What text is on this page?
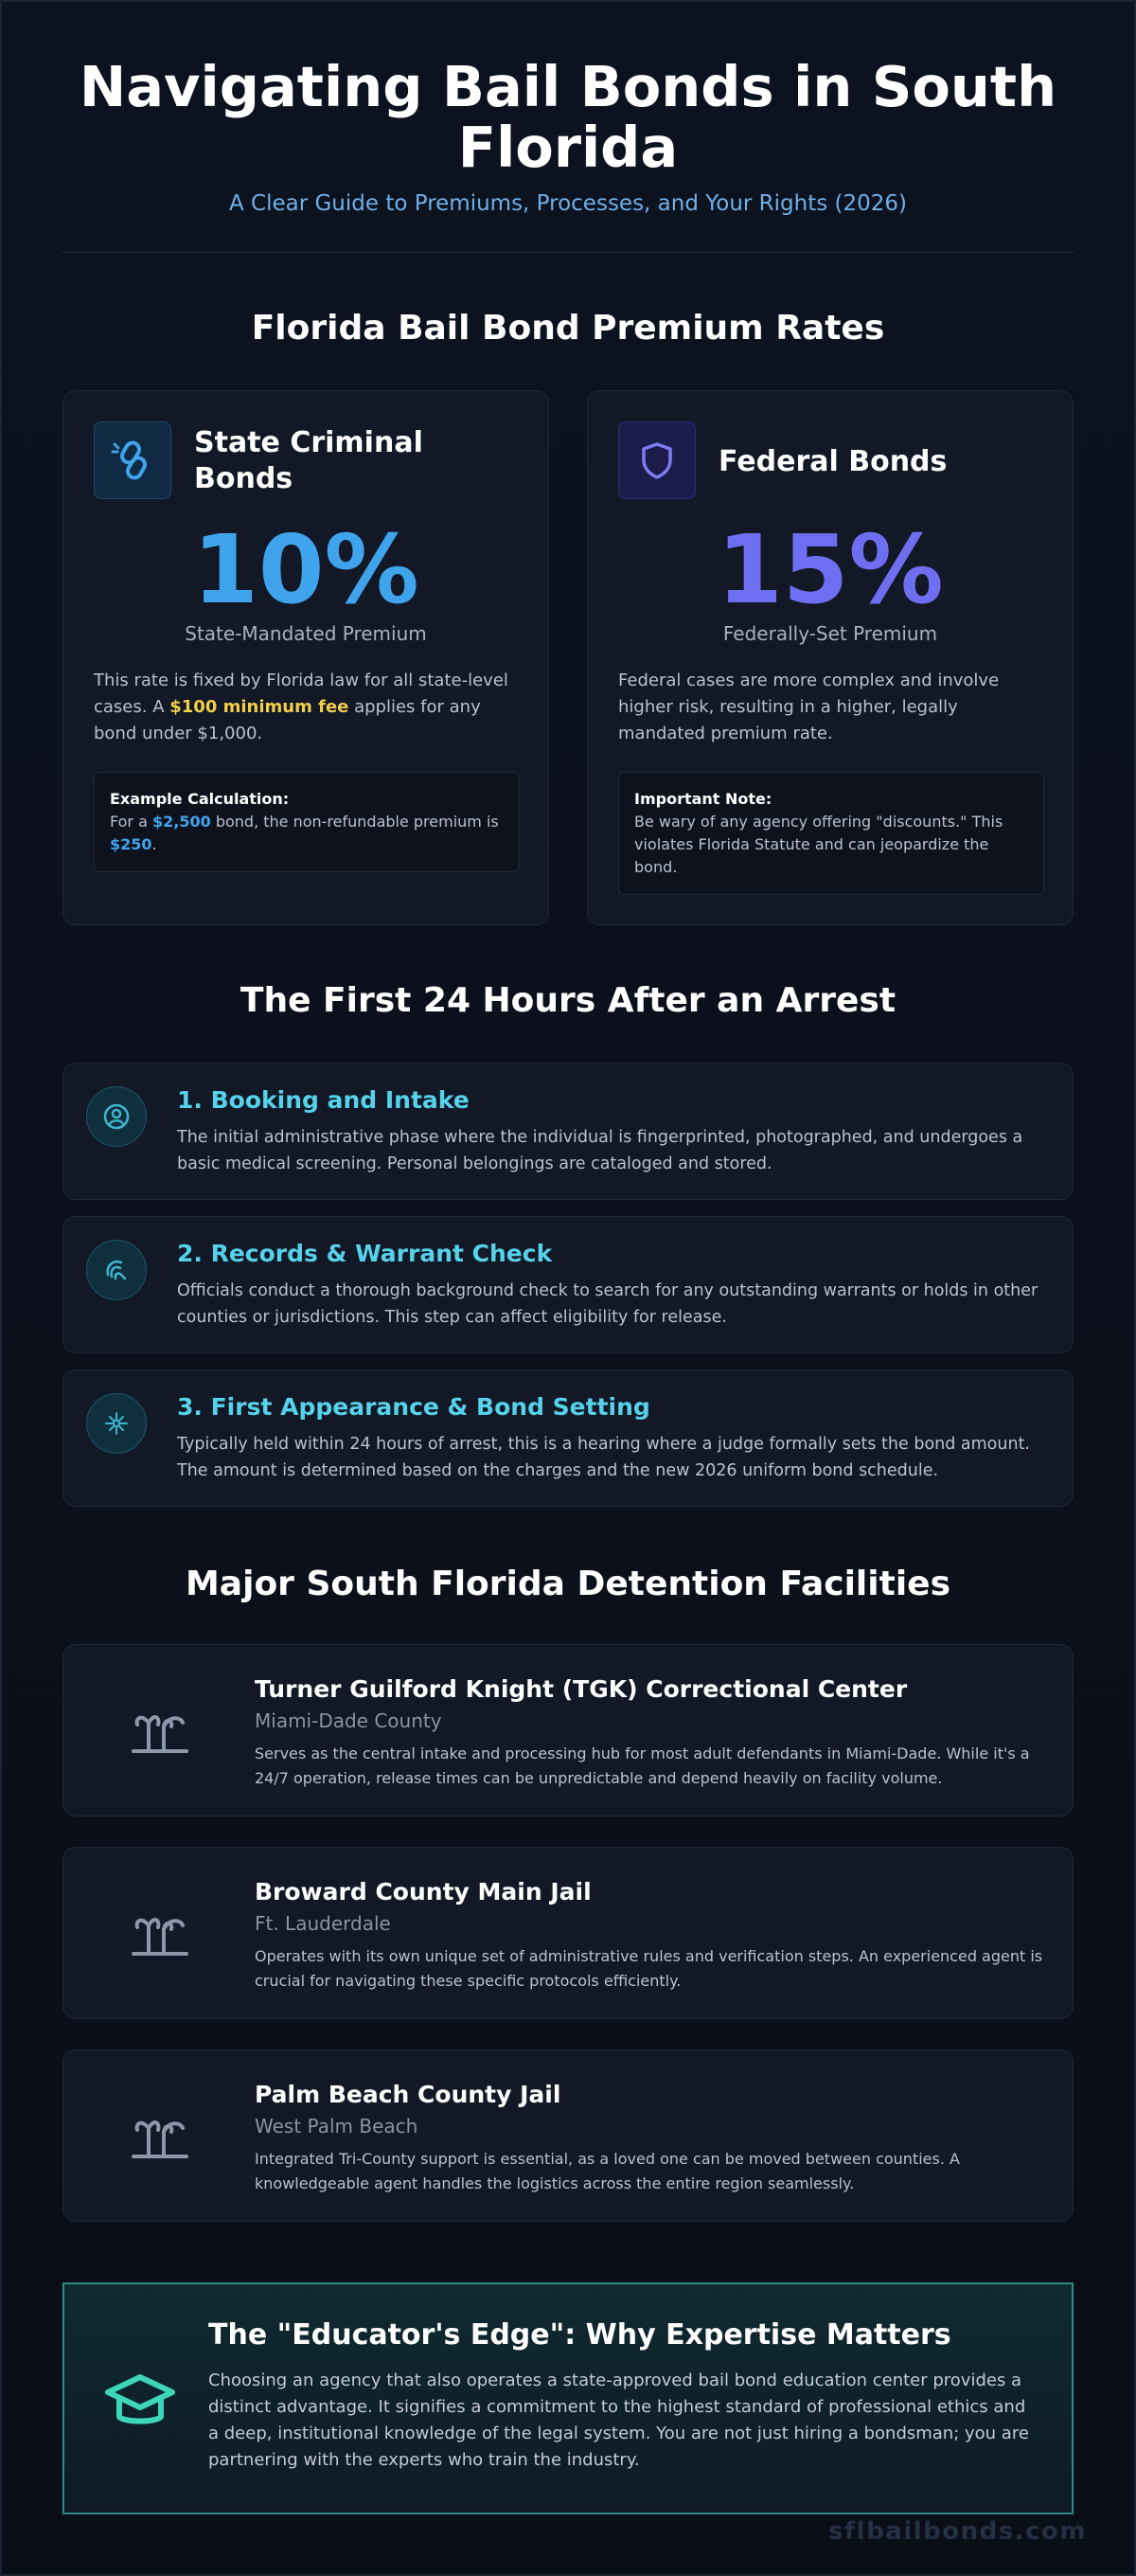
Navigating Bail Bonds in South Florida
A Clear Guide to Premiums, Processes, and Your Rights (2026)
Florida Bail Bond Premium Rates
State Criminal Bonds
10%
State-Mandated Premium
This rate is fixed by Florida law for all state-level cases. A $100 minimum fee applies for any bond under $1,000.
Example Calculation:
For a $2,500 bond, the non-refundable premium is $250.
Federal Bonds
15%
Federally-Set Premium
Federal cases are more complex and involve higher risk, resulting in a higher, legally mandated premium rate.
Important Note:
Be wary of any agency offering "discounts." This violates Florida Statute and can jeopardize the bond.
The First 24 Hours After an Arrest
1. Booking and Intake
The initial administrative phase where the individual is fingerprinted, photographed, and undergoes a basic medical screening. Personal belongings are cataloged and stored.
2. Records & Warrant Check
Officials conduct a thorough background check to search for any outstanding warrants or holds in other counties or jurisdictions. This step can affect eligibility for release.
3. First Appearance & Bond Setting
Typically held within 24 hours of arrest, this is a hearing where a judge formally sets the bond amount. The amount is determined based on the charges and the new 2026 uniform bond schedule.
Major South Florida Detention Facilities
Turner Guilford Knight (TGK) Correctional Center
Miami-Dade County
Serves as the central intake and processing hub for most adult defendants in Miami-Dade. While it's a 24/7 operation, release times can be unpredictable and depend heavily on facility volume.
Broward County Main Jail
Ft. Lauderdale
Operates with its own unique set of administrative rules and verification steps. An experienced agent is crucial for navigating these specific protocols efficiently.
Palm Beach County Jail
West Palm Beach
Integrated Tri-County support is essential, as a loved one can be moved between counties. A knowledgeable agent handles the logistics across the entire region seamlessly.
The "Educator's Edge": Why Expertise Matters
Choosing an agency that also operates a state-approved bail bond education center provides a distinct advantage. It signifies a commitment to the highest standard of professional ethics and a deep, institutional knowledge of the legal system. You are not just hiring a bondsman; you are partnering with the experts who train the industry.
sflbailbonds.com
